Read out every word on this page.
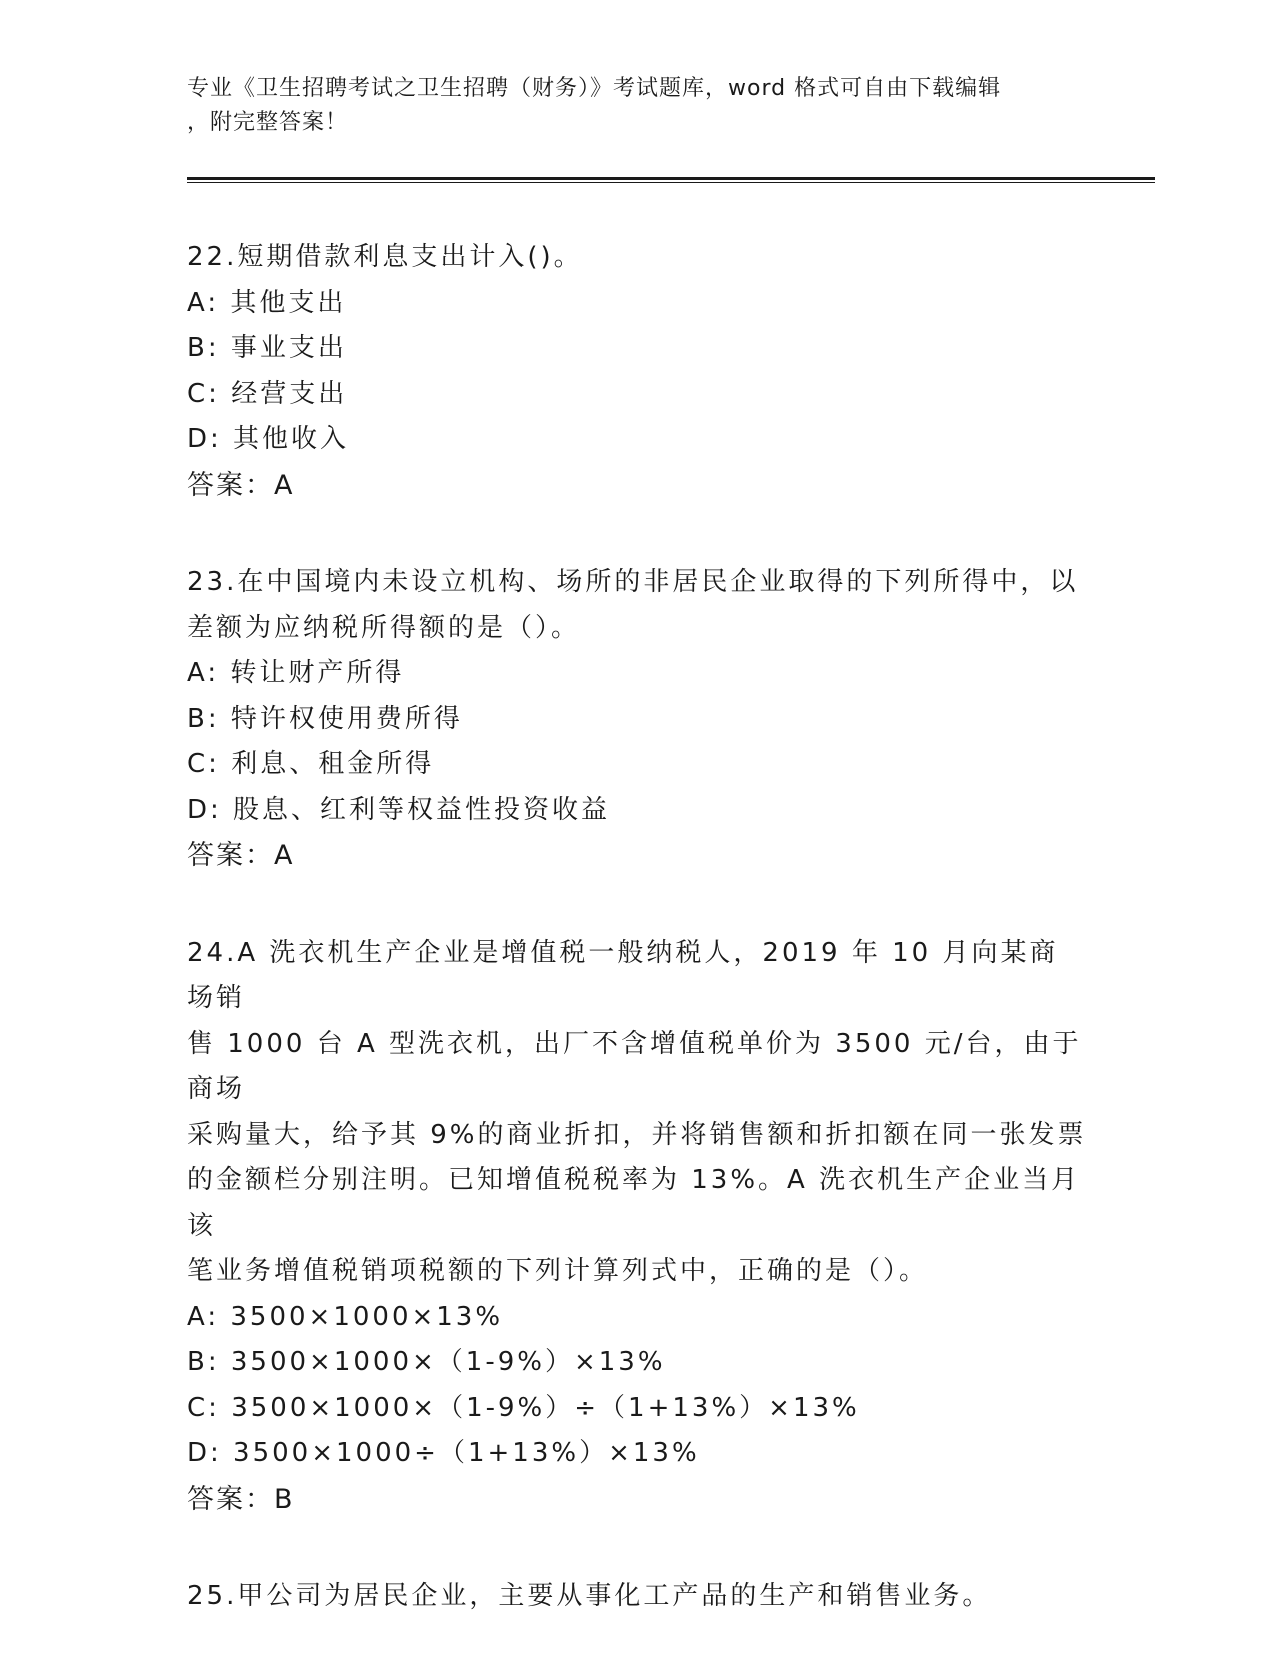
专业《卫生招聘考试之卫生招聘（财务）》考试题库，word 格式可自由下载编辑
，附完整答案！
22.短期借款利息支出计入()。
A: 其他支出
B: 事业支出
C: 经营支出
D: 其他收入
答案：A
23.在中国境内未设立机构、场所的非居民企业取得的下列所得中，以
差额为应纳税所得额的是（）。
A: 转让财产所得
B: 特许权使用费所得
C: 利息、租金所得
D: 股息、红利等权益性投资收益
答案：A
24.A 洗衣机生产企业是增值税一般纳税人，2019 年 10 月向某商场销
售 1000 台 A 型洗衣机，出厂不含增值税单价为 3500 元/台，由于商场
采购量大，给予其 9%的商业折扣，并将销售额和折扣额在同一张发票
的金额栏分别注明。已知增值税税率为 13%。A 洗衣机生产企业当月该
笔业务增值税销项税额的下列计算列式中，正确的是（）。
A: 3500×1000×13%
B: 3500×1000×（1-9%）×13%
C: 3500×1000×（1-9%）÷（1+13%）×13%
D: 3500×1000÷（1+13%）×13%
答案：B
25.甲公司为居民企业，主要从事化工产品的生产和销售业务。
